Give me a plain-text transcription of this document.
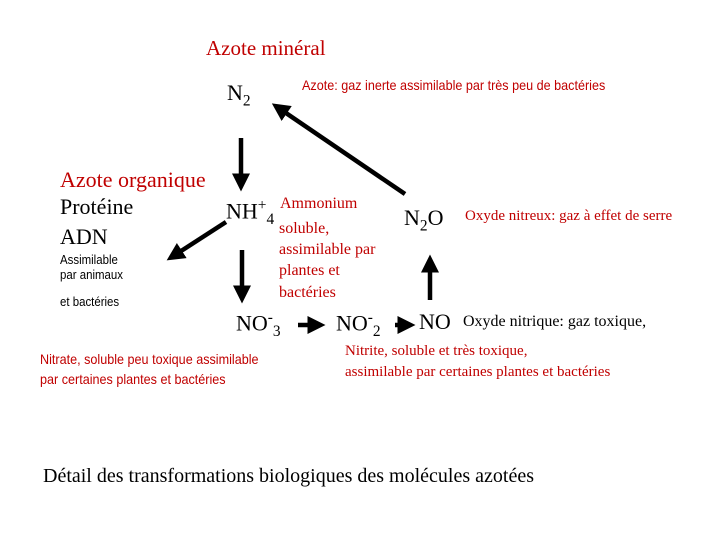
Azote minéral
$N_2$
Azote: gaz inerte assimilable par très peu de bactéries
Azote organique
Protéine
ADN
Assimilable
par animaux
et bactéries
$NH^+_4$
Ammonium
soluble,
assimilable par
plantes et
bactéries
$N_2O$ Oxyde nitreux: gaz à effet de serre
$NO^-_3$	$NO^-_2$ NO Oxyde nitrique: gaz toxique,
Nitrate, soluble peu toxique assimilable
par certaines plantes et bactéries
Nitrite, soluble et très toxique,
assimilable par certaines plantes et bactéries
Détail des transformations biologiques des molécules azotées
